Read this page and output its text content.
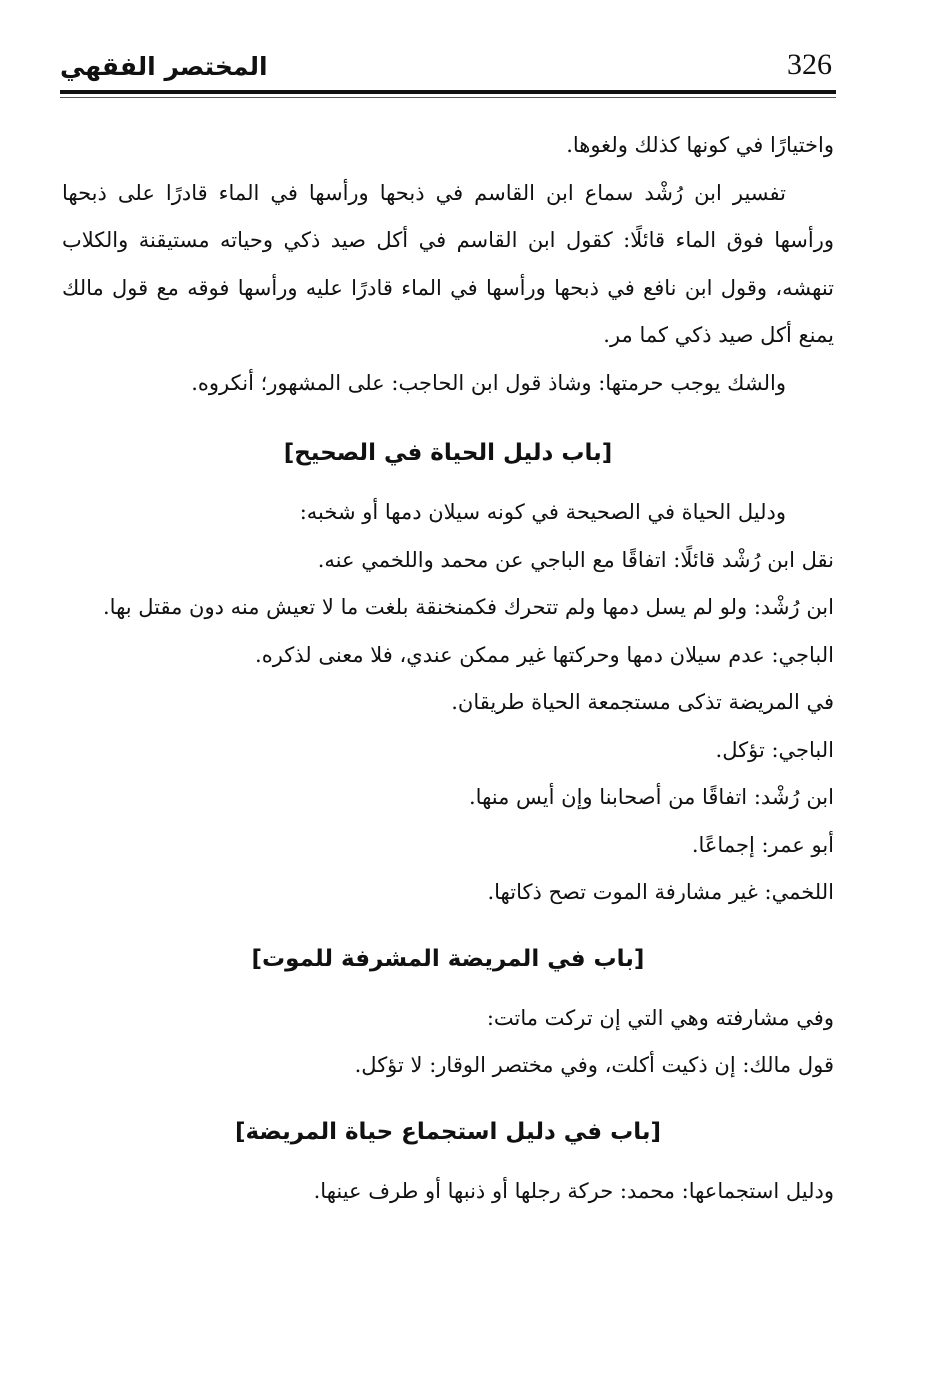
المختصر الفقهي	326

واختيارًا في كونها كذلك ولغوها.

تفسير ابن رُشْد سماع ابن القاسم في ذبحها ورأسها في الماء قادرًا على ذبحها ورأسها فوق الماء قائلًا: كقول ابن القاسم في أكل صيد ذكي وحياته مستيقنة والكلاب تنهشه، وقول ابن نافع في ذبحها ورأسها في الماء قادرًا عليه ورأسها فوقه مع قول مالك يمنع أكل صيد ذكي كما مر.

والشك يوجب حرمتها: وشاذ قول ابن الحاجب: على المشهور؛ أنكروه.

[باب دليل الحياة في الصحيح]

ودليل الحياة في الصحيحة في كونه سيلان دمها أو شخبه:

نقل ابن رُشْد قائلًا: اتفاقًا مع الباجي عن محمد واللخمي عنه.

ابن رُشْد: ولو لم يسل دمها ولم تتحرك فكمنخنقة بلغت ما لا تعيش منه دون مقتل بها.

الباجي: عدم سيلان دمها وحركتها غير ممكن عندي، فلا معنى لذكره.

في المريضة تذكى مستجمعة الحياة طريقان.

الباجي: تؤكل.

ابن رُشْد: اتفاقًا من أصحابنا وإن أيس منها.

أبو عمر: إجماعًا.

اللخمي: غير مشارفة الموت تصح ذكاتها.

[باب في المريضة المشرفة للموت]

وفي مشارفته وهي التي إن تركت ماتت:

قول مالك: إن ذكيت أكلت، وفي مختصر الوقار: لا تؤكل.

[باب في دليل استجماع حياة المريضة]

ودليل استجماعها: محمد: حركة رجلها أو ذنبها أو طرف عينها.
